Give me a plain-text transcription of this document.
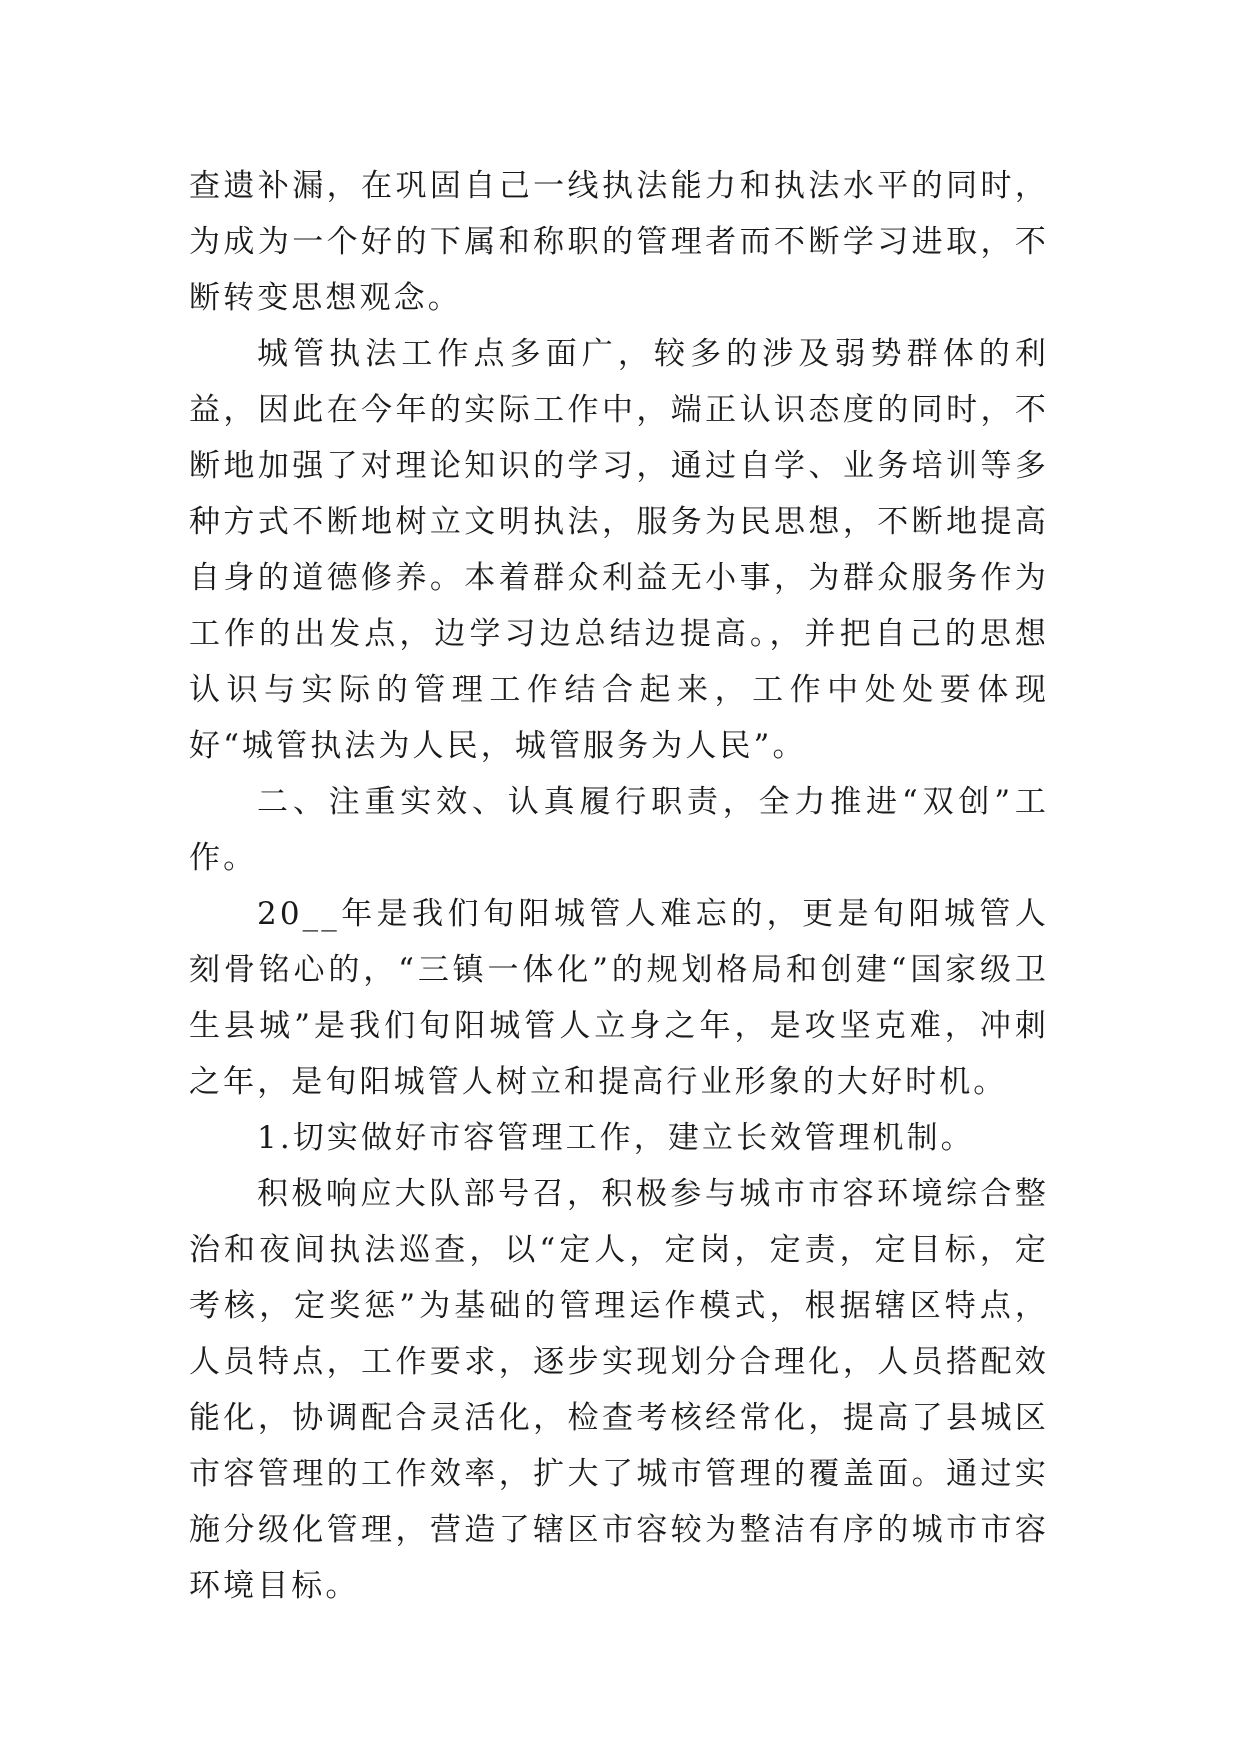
查遗补漏，在巩固自己一线执法能力和执法水平的同时，为成为一个好的下属和称职的管理者而不断学习进取，不断转变思想观念。

城管执法工作点多面广，较多的涉及弱势群体的利益，因此在今年的实际工作中，端正认识态度的同时，不断地加强了对理论知识的学习，通过自学、业务培训等多种方式不断地树立文明执法，服务为民思想，不断地提高自身的道德修养。本着群众利益无小事，为群众服务作为工作的出发点，边学习边总结边提高。，并把自己的思想认识与实际的管理工作结合起来，工作中处处要体现好“城管执法为人民，城管服务为人民”。

二、注重实效、认真履行职责，全力推进“双创”工作。

20__年是我们旬阳城管人难忘的，更是旬阳城管人刻骨铭心的，“三镇一体化”的规划格局和创建“国家级卫生县城”是我们旬阳城管人立身之年，是攻坚克难，冲刺之年，是旬阳城管人树立和提高行业形象的大好时机。

1.切实做好市容管理工作，建立长效管理机制。

积极响应大队部号召，积极参与城市市容环境综合整治和夜间执法巡查，以“定人，定岗，定责，定目标，定考核，定奖惩”为基础的管理运作模式，根据辖区特点，人员特点，工作要求，逐步实现划分合理化，人员搭配效能化，协调配合灵活化，检查考核经常化，提高了县城区市容管理的工作效率，扩大了城市管理的覆盖面。通过实施分级化管理，营造了辖区市容较为整洁有序的城市市容环境目标。
